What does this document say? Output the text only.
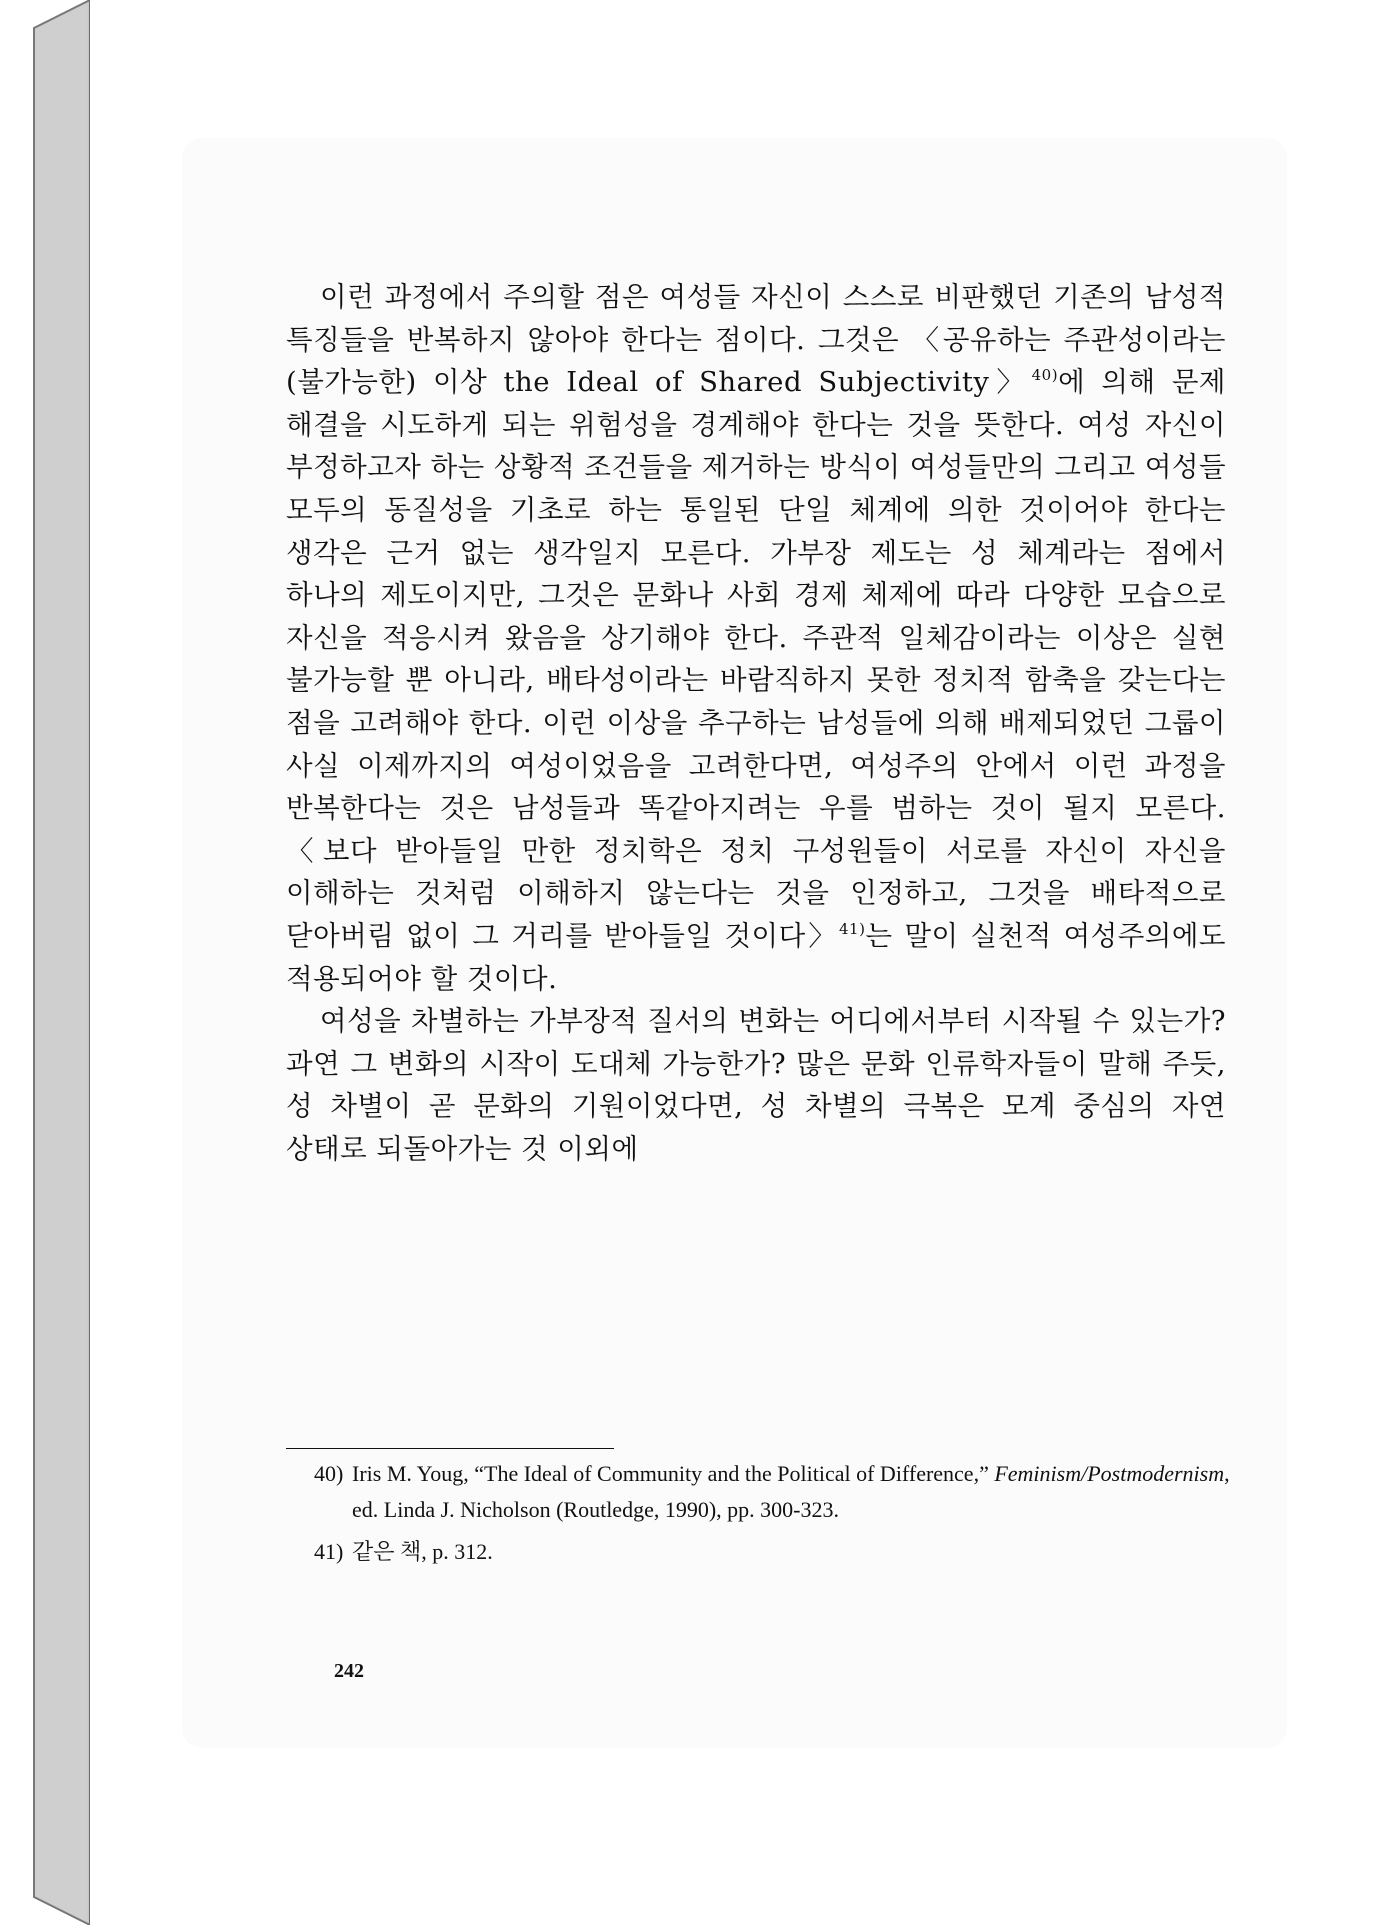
이런 과정에서 주의할 점은 여성들 자신이 스스로 비판했던 기존의 남성적 특징들을 반복하지 않아야 한다는 점이다. 그것은 〈공유하는 주관성이라는 (불가능한) 이상 the Ideal of Shared Subjectivity〉$^{40)}$에 의해 문제 해결을 시도하게 되는 위험성을 경계해야 한다는 것을 뜻한다. 여성 자신이 부정하고자 하는 상황적 조건들을 제거하는 방식이 여성들만의 그리고 여성들 모두의 동질성을 기초로 하는 통일된 단일 체계에 의한 것이어야 한다는 생각은 근거 없는 생각일지 모른다. 가부장 제도는 성 체계라는 점에서 하나의 제도이지만, 그것은 문화나 사회 경제 체제에 따라 다양한 모습으로 자신을 적응시켜 왔음을 상기해야 한다. 주관적 일체감이라는 이상은 실현 불가능할 뿐 아니라, 배타성이라는 바람직하지 못한 정치적 함축을 갖는다는 점을 고려해야 한다. 이런 이상을 추구하는 남성들에 의해 배제되었던 그룹이 사실 이제까지의 여성이었음을 고려한다면, 여성주의 안에서 이런 과정을 반복한다는 것은 남성들과 똑같아지려는 우를 범하는 것이 될지 모른다. 〈보다 받아들일 만한 정치학은 정치 구성원들이 서로를 자신이 자신을 이해하는 것처럼 이해하지 않는다는 것을 인정하고, 그것을 배타적으로 닫아버림 없이 그 거리를 받아들일 것이다〉$^{41)}$는 말이 실천적 여성주의에도 적용되어야 할 것이다.

여성을 차별하는 가부장적 질서의 변화는 어디에서부터 시작될 수 있는가? 과연 그 변화의 시작이 도대체 가능한가? 많은 문화 인류학자들이 말해 주듯, 성 차별이 곧 문화의 기원이었다면, 성 차별의 극복은 모계 중심의 자연 상태로 되돌아가는 것 이외에

40) Iris M. Youg, “The Ideal of Community and the Political of Difference,” Feminism/Postmodernism, ed. Linda J. Nicholson (Routledge, 1990), pp. 300-323.

41) 같은 책, p. 312.

242
